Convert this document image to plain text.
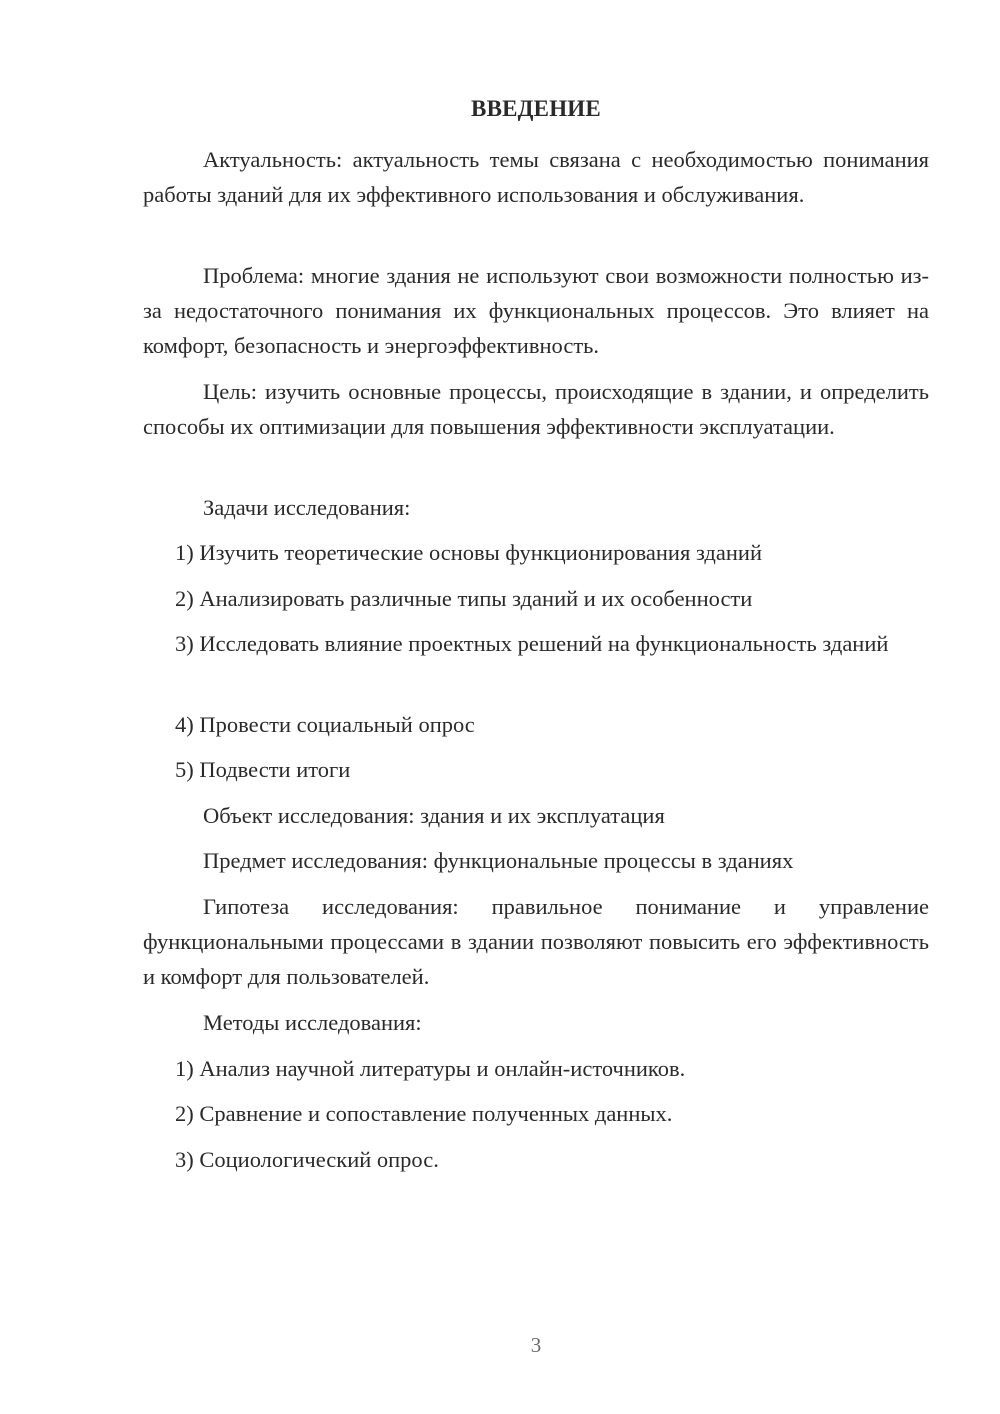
ВВЕДЕНИЕ
Актуальность: актуальность темы связана с необходимостью понимания работы зданий для их эффективного использования и обслуживания.
Проблема: многие здания не используют свои возможности полностью из-за недостаточного понимания их функциональных процессов. Это влияет на комфорт, безопасность и энергоэффективность.
Цель: изучить основные процессы, происходящие в здании, и определить способы их оптимизации для повышения эффективности эксплуатации.
Задачи исследования:
1) Изучить теоретические основы функционирования зданий
2) Анализировать различные типы зданий и их особенности
3) Исследовать влияние проектных решений на функциональность зданий
4) Провести социальный опрос
5) Подвести итоги
Объект исследования: здания и их эксплуатация
Предмет исследования: функциональные процессы в зданиях
Гипотеза исследования: правильное понимание и управление функциональными процессами в здании позволяют повысить его эффективность и комфорт для пользователей.
Методы исследования:
1) Анализ научной литературы и онлайн-источников.
2) Сравнение и сопоставление полученных данных.
3) Социологический опрос.
3
